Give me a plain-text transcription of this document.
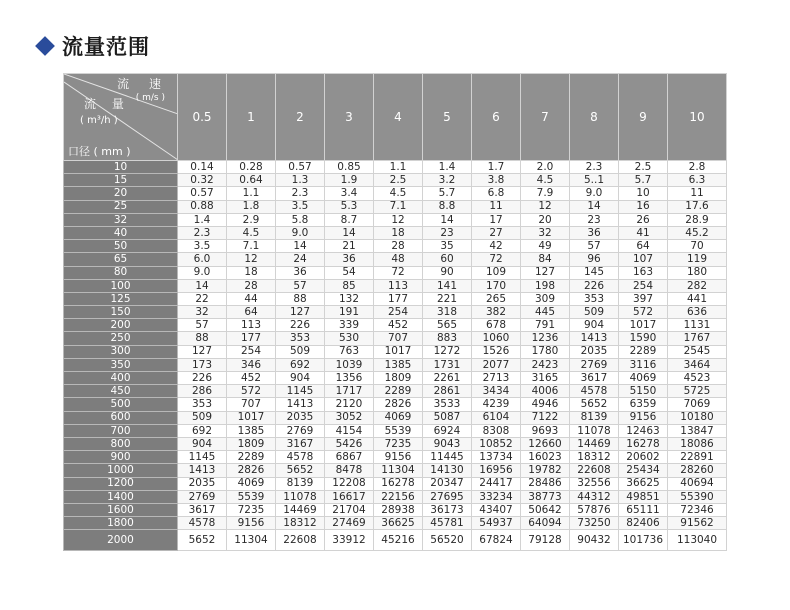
流量范围
流 速
( m/s )
流 量
( m³/h )
口径 ( mm )	0.5	1	2	3	4	5	6	7	8	9	10
10	0.14	0.28	0.57	0.85	1.1	1.4	1.7	2.0	2.3	2.5	2.8
15	0.32	0.64	1.3	1.9	2.5	3.2	3.8	4.5	5..1	5.7	6.3
20	0.57	1.1	2.3	3.4	4.5	5.7	6.8	7.9	9.0	10	11
25	0.88	1.8	3.5	5.3	7.1	8.8	11	12	14	16	17.6
32	1.4	2.9	5.8	8.7	12	14	17	20	23	26	28.9
40	2.3	4.5	9.0	14	18	23	27	32	36	41	45.2
50	3.5	7.1	14	21	28	35	42	49	57	64	70
65	6.0	12	24	36	48	60	72	84	96	107	119
80	9.0	18	36	54	72	90	109	127	145	163	180
100	14	28	57	85	113	141	170	198	226	254	282
125	22	44	88	132	177	221	265	309	353	397	441
150	32	64	127	191	254	318	382	445	509	572	636
200	57	113	226	339	452	565	678	791	904	1017	1131
250	88	177	353	530	707	883	1060	1236	1413	1590	1767
300	127	254	509	763	1017	1272	1526	1780	2035	2289	2545
350	173	346	692	1039	1385	1731	2077	2423	2769	3116	3464
400	226	452	904	1356	1809	2261	2713	3165	3617	4069	4523
450	286	572	1145	1717	2289	2861	3434	4006	4578	5150	5725
500	353	707	1413	2120	2826	3533	4239	4946	5652	6359	7069
600	509	1017	2035	3052	4069	5087	6104	7122	8139	9156	10180
700	692	1385	2769	4154	5539	6924	8308	9693	11078	12463	13847
800	904	1809	3167	5426	7235	9043	10852	12660	14469	16278	18086
900	1145	2289	4578	6867	9156	11445	13734	16023	18312	20602	22891
1000	1413	2826	5652	8478	11304	14130	16956	19782	22608	25434	28260
1200	2035	4069	8139	12208	16278	20347	24417	28486	32556	36625	40694
1400	2769	5539	11078	16617	22156	27695	33234	38773	44312	49851	55390
1600	3617	7235	14469	21704	28938	36173	43407	50642	57876	65111	72346
1800	4578	9156	18312	27469	36625	45781	54937	64094	73250	82406	91562
2000	5652	11304	22608	33912	45216	56520	67824	79128	90432	101736	113040
